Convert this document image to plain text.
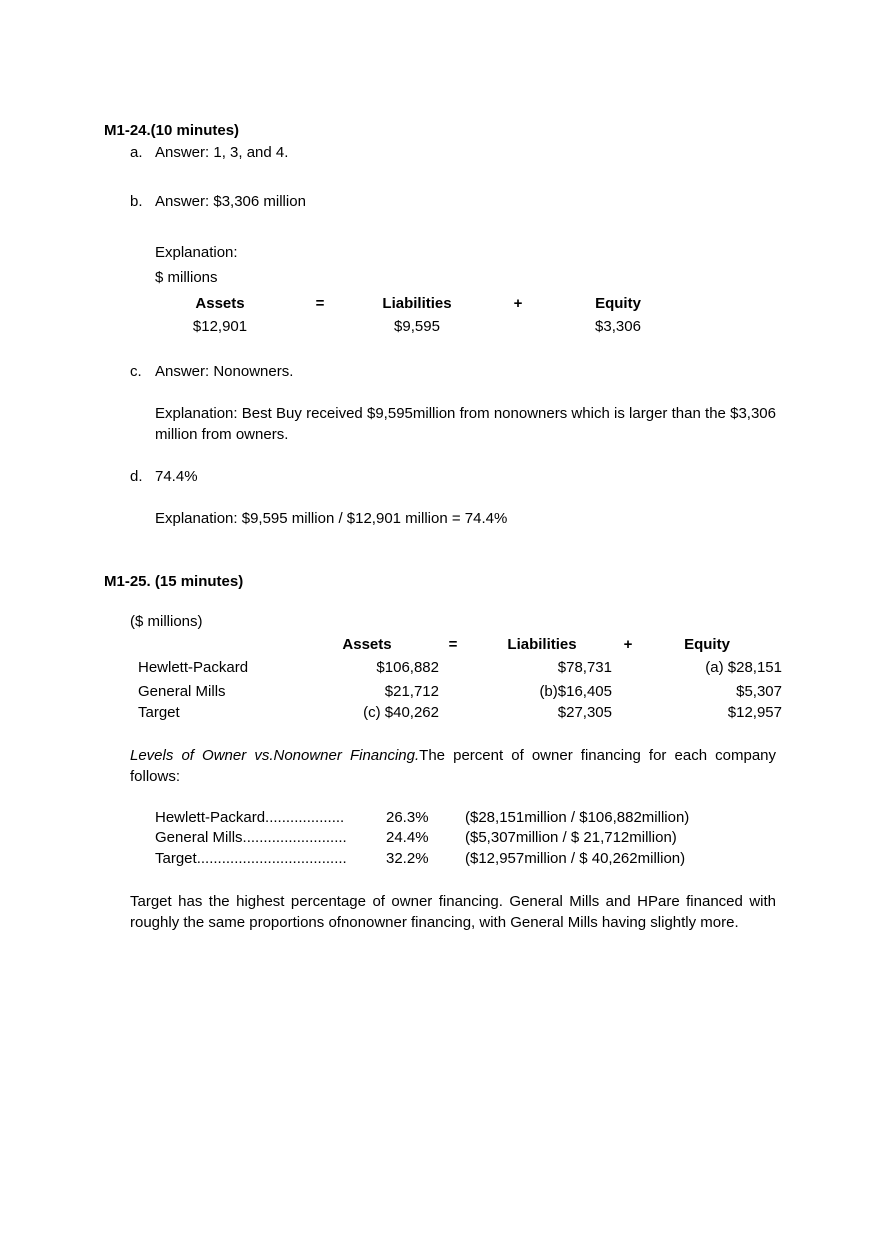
M1-24.(10 minutes)
a. Answer: 1, 3, and 4.
b. Answer: $3,306 million
Explanation:
$ millions
Assets	=	Liabilities	+	Equity
$12,901	$9,595	$3,306
c. Answer: Nonowners.
Explanation: Best Buy received $9,595million from nonowners which is larger than the $3,306 million from owners.
d. 74.4%
Explanation: $9,595 million / $12,901 million = 74.4%
M1-25. (15 minutes)
($ millions)
Assets	=	Liabilities	+	Equity
Hewlett-Packard	$106,882	$78,731	(a) $28,151
General Mills	$21,712	(b)$16,405	$5,307
Target	(c) $40,262	$27,305	$12,957
Levels of Owner vs.Nonowner Financing.The percent of owner financing for each company follows:
Hewlett-Packard...................	26.3% ($28,151million / $106,882million)
General Mills.........................	24.4% ($5,307million / $ 21,712million)
Target....................................	32.2% ($12,957million / $ 40,262million)
Target has the highest percentage of owner financing. General Mills and HPare financed with roughly the same proportions ofnonowner financing, with General Mills having slightly more.
